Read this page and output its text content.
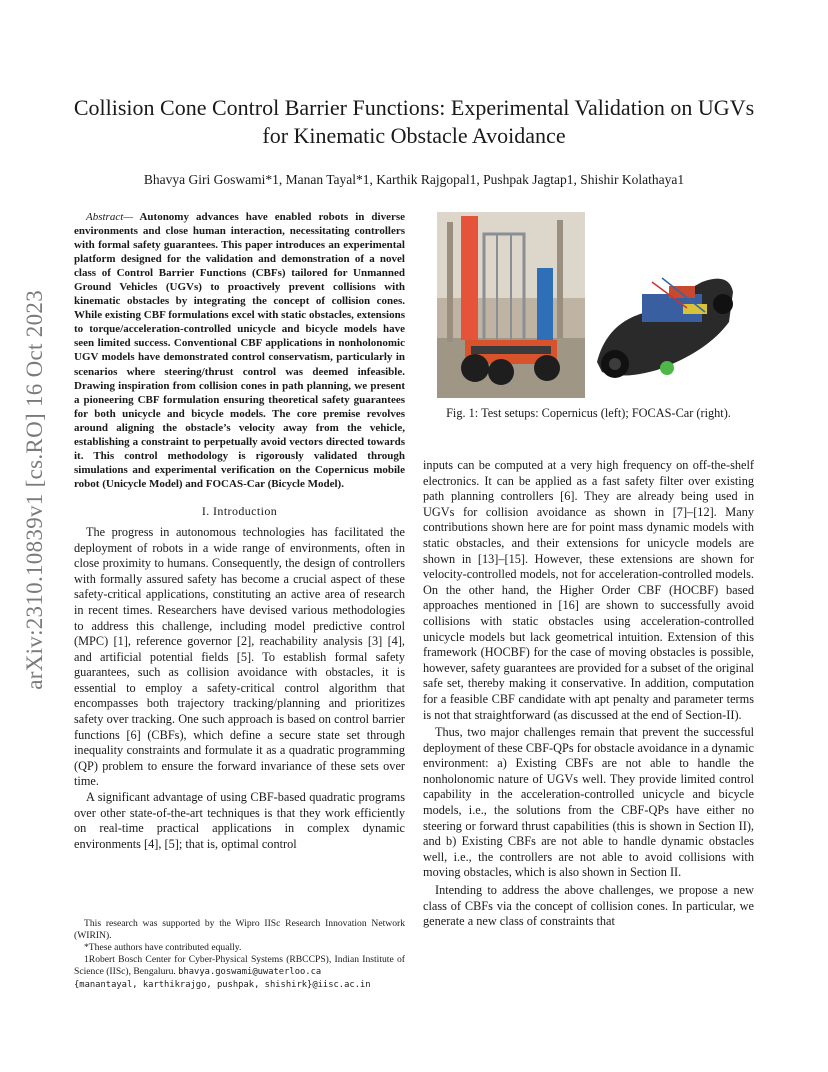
arXiv:2310.10839v1 [cs.RO] 16 Oct 2023
Collision Cone Control Barrier Functions: Experimental Validation on UGVs for Kinematic Obstacle Avoidance
Bhavya Giri Goswami*1, Manan Tayal*1, Karthik Rajgopal1, Pushpak Jagtap1, Shishir Kolathaya1

Abstract— Autonomy advances have enabled robots in diverse environments and close human interaction, necessitating controllers with formal safety guarantees. This paper introduces an experimental platform designed for the validation and demonstration of a novel class of Control Barrier Functions (CBFs) tailored for Unmanned Ground Vehicles (UGVs) to proactively prevent collisions with kinematic obstacles by integrating the concept of collision cones. While existing CBF formulations excel with static obstacles, extensions to torque/acceleration-controlled unicycle and bicycle models have seen limited success. Conventional CBF applications in nonholonomic UGV models have demonstrated control conservatism, particularly in scenarios where steering/thrust control was deemed infeasible. Drawing inspiration from collision cones in path planning, we present a pioneering CBF formulation ensuring theoretical safety guarantees for both unicycle and bicycle models. The core premise revolves around aligning the obstacle’s velocity away from the vehicle, establishing a constraint to perpetually avoid vectors directed towards it. This control methodology is rigorously validated through simulations and experimental verification on the Copernicus mobile robot (Unicycle Model) and FOCAS-Car (Bicycle Model).

I. Introduction

The progress in autonomous technologies has facilitated the deployment of robots in a wide range of environments, often in close proximity to humans. Consequently, the design of controllers with formally assured safety has become a crucial aspect of these safety-critical applications, constituting an active area of research in recent times. Researchers have devised various methodologies to address this challenge, including model predictive control (MPC) [1], reference governor [2], reachability analysis [3] [4], and artificial potential fields [5]. To establish formal safety guarantees, such as collision avoidance with obstacles, it is essential to employ a safety-critical control algorithm that encompasses both trajectory tracking/planning and prioritizes safety over tracking. One such approach is based on control barrier functions [6] (CBFs), which define a secure state set through inequality constraints and formulate it as a quadratic programming (QP) problem to ensure the forward invariance of these sets over time.

A significant advantage of using CBF-based quadratic programs over other state-of-the-art techniques is that they work efficiently on real-time practical applications in complex dynamic environments [4], [5]; that is, optimal control

This research was supported by the Wipro IISc Research Innovation Network (WIRIN).

*These authors have contributed equally.

1Robert Bosch Center for Cyber-Physical Systems (RBCCPS), Indian Institute of Science (IISc), Bengaluru. bhavya.goswami@uwaterloo.ca
{manantayal, karthikrajgo, pushpak, shishirk}@iisc.ac.in

Fig. 1: Test setups: Copernicus (left); FOCAS-Car (right).

inputs can be computed at a very high frequency on off-the-shelf electronics. It can be applied as a fast safety filter over existing path planning controllers [6]. They are already being used in UGVs for collision avoidance as shown in [7]–[12]. Many contributions shown here are for point mass dynamic models with static obstacles, and their extensions for unicycle models are shown in [13]–[15]. However, these extensions are shown for velocity-controlled models, not for acceleration-controlled models. On the other hand, the Higher Order CBF (HOCBF) based approaches mentioned in [16] are shown to successfully avoid collisions with static obstacles using acceleration-controlled unicycle models but lack geometrical intuition. Extension of this framework (HOCBF) for the case of moving obstacles is possible, however, safety guarantees are provided for a subset of the original safe set, thereby making it conservative. In addition, computation for a feasible CBF candidate with apt penalty and parameter terms is not that straightforward (as discussed at the end of Section-II).

Thus, two major challenges remain that prevent the successful deployment of these CBF-QPs for obstacle avoidance in a dynamic environment: a) Existing CBFs are not able to handle the nonholonomic nature of UGVs well. They provide limited control capability in the acceleration-controlled unicycle and bicycle models, i.e., the solutions from the CBF-QPs have either no steering or forward thrust capabilities (this is shown in Section II), and b) Existing CBFs are not able to handle dynamic obstacles well, i.e., the controllers are not able to avoid collisions with moving obstacles, which is also shown in Section II.

Intending to address the above challenges, we propose a new class of CBFs via the concept of collision cones. In particular, we generate a new class of constraints that
